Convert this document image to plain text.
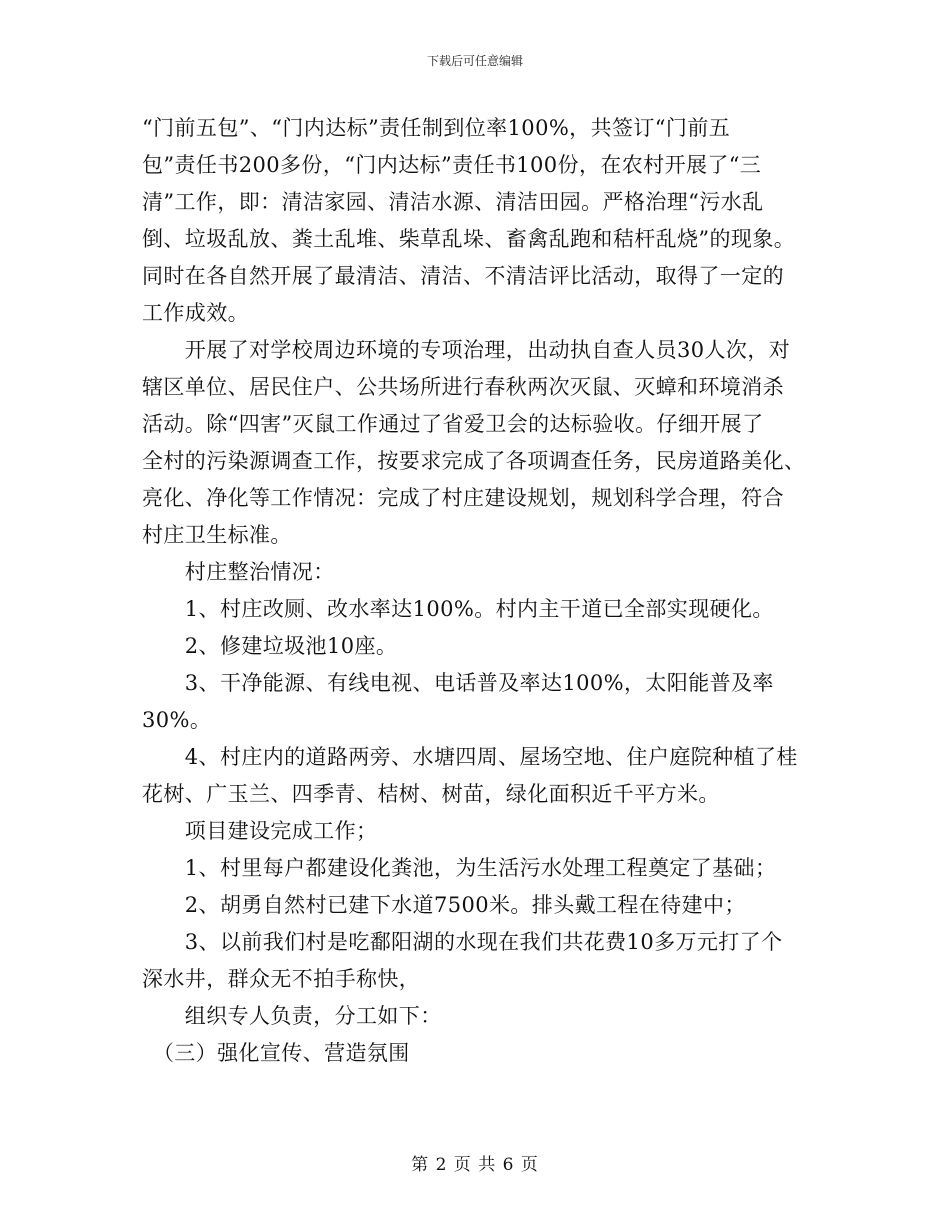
下载后可任意编辑
“门前五包”、“门内达标”责任制到位率100%，共签订“门前五
包”责任书200多份，“门内达标”责任书100份，在农村开展了“三
清”工作，即：清洁家园、清洁水源、清洁田园。严格治理“污水乱
倒、垃圾乱放、粪土乱堆、柴草乱垛、畜禽乱跑和秸杆乱烧”的现象。
同时在各自然开展了最清洁、清洁、不清洁评比活动，取得了一定的
工作成效。
　　开展了对学校周边环境的专项治理，出动执自查人员30人次，对
辖区单位、居民住户、公共场所进行春秋两次灭鼠、灭蟑和环境消杀
活动。除“四害”灭鼠工作通过了省爱卫会的达标验收。仔细开展了
全村的污染源调查工作，按要求完成了各项调查任务，民房道路美化、
亮化、净化等工作情况：完成了村庄建设规划，规划科学合理，符合
村庄卫生标准。
　　村庄整治情况：
　　1、村庄改厕、改水率达100%。村内主干道已全部实现硬化。
　　2、修建垃圾池10座。
　　3、干净能源、有线电视、电话普及率达100%，太阳能普及率
30%。
　　4、村庄内的道路两旁、水塘四周、屋场空地、住户庭院种植了桂
花树、广玉兰、四季青、桔树、树苗，绿化面积近千平方米。
　　项目建设完成工作；
　　1、村里每户都建设化粪池，为生活污水处理工程奠定了基础；
　　2、胡勇自然村已建下水道7500米。排头戴工程在待建中；
　　3、以前我们村是吃鄱阳湖的水现在我们共花费10多万元打了个
深水井，群众无不拍手称快，
　　组织专人负责，分工如下：
　（三）强化宣传、营造氛围
第 2 页 共 6 页
